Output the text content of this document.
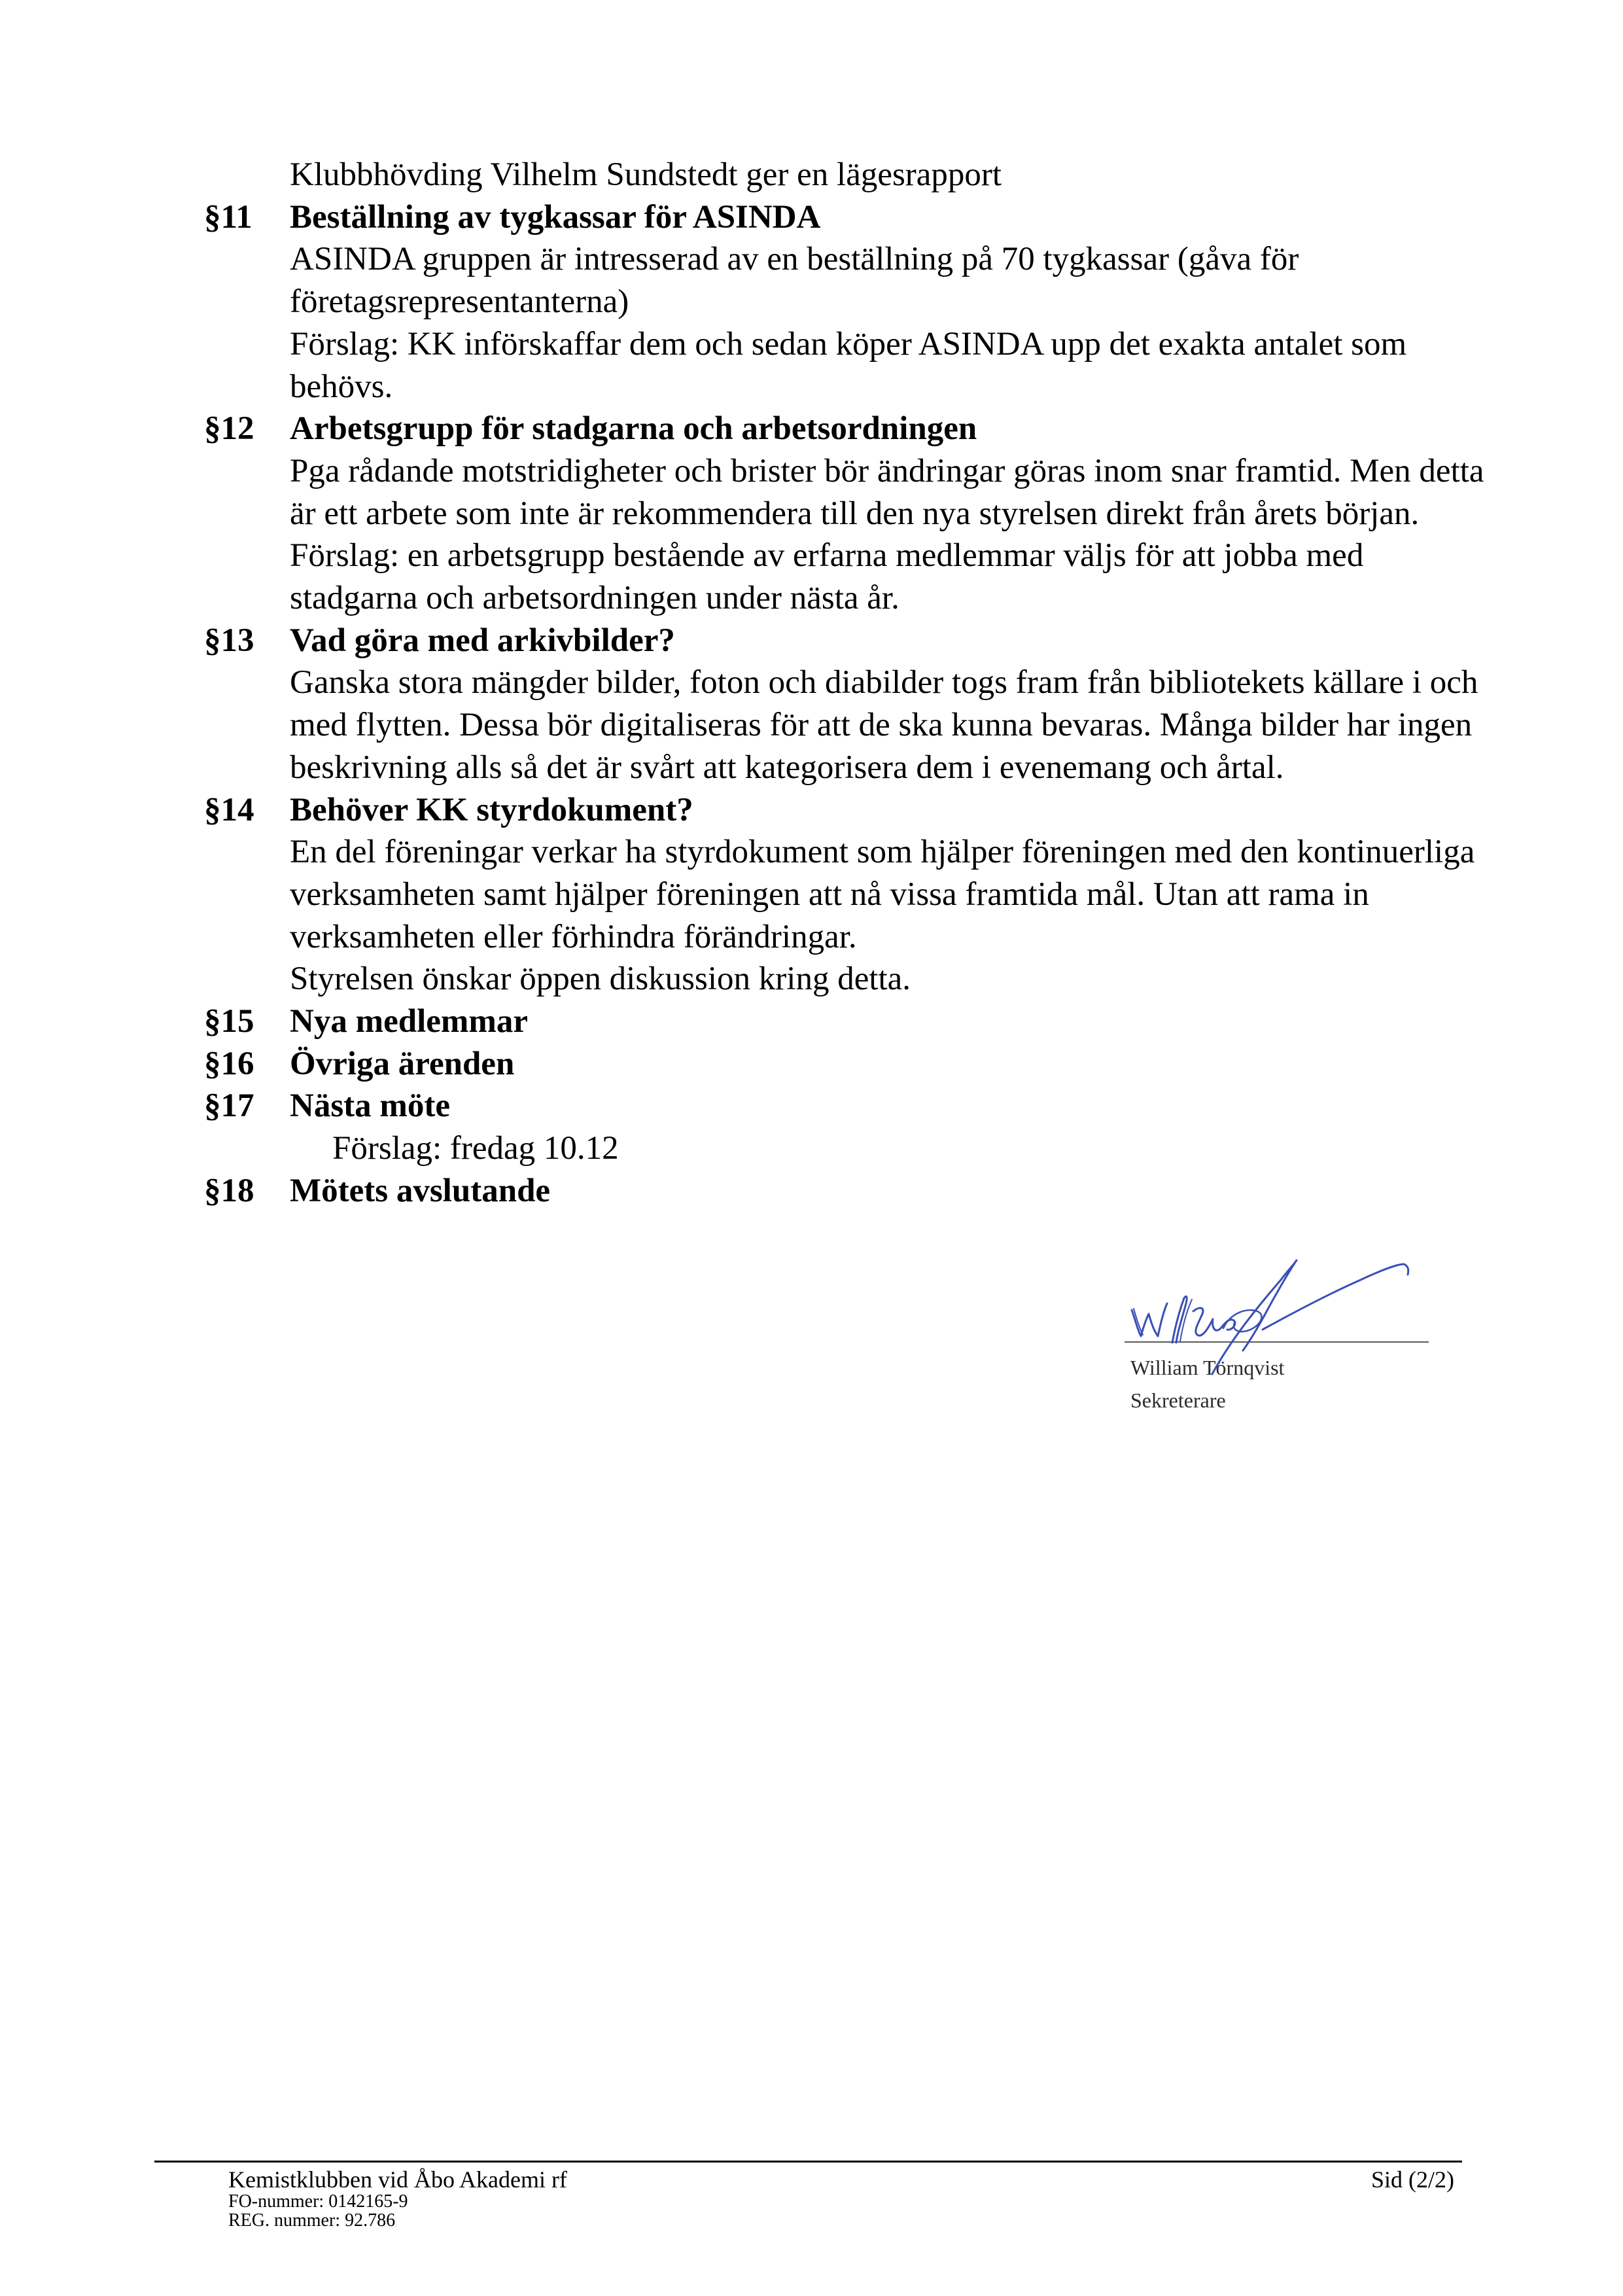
Klubbhövding Vilhelm Sundstedt ger en lägesrapport
§11 Beställning av tygkassar för ASINDA
ASINDA gruppen är intresserad av en beställning på 70 tygkassar (gåva för
företagsrepresentanterna)
Förslag: KK införskaffar dem och sedan köper ASINDA upp det exakta antalet som
behövs.
§12 Arbetsgrupp för stadgarna och arbetsordningen
Pga rådande motstridigheter och brister bör ändringar göras inom snar framtid. Men detta
är ett arbete som inte är rekommendera till den nya styrelsen direkt från årets början.
Förslag: en arbetsgrupp bestående av erfarna medlemmar väljs för att jobba med
stadgarna och arbetsordningen under nästa år.
§13 Vad göra med arkivbilder?
Ganska stora mängder bilder, foton och diabilder togs fram från bibliotekets källare i och
med flytten. Dessa bör digitaliseras för att de ska kunna bevaras. Många bilder har ingen
beskrivning alls så det är svårt att kategorisera dem i evenemang och årtal.
§14 Behöver KK styrdokument?
En del föreningar verkar ha styrdokument som hjälper föreningen med den kontinuerliga
verksamheten samt hjälper föreningen att nå vissa framtida mål. Utan att rama in
verksamheten eller förhindra förändringar.
Styrelsen önskar öppen diskussion kring detta.
§15 Nya medlemmar
§16 Övriga ärenden
§17 Nästa möte
Förslag: fredag 10.12
§18 Mötets avslutande
William Törnqvist
Sekreterare
Kemistklubben vid Åbo Akademi rf
FO-nummer: 0142165-9
REG. nummer: 92.786
Sid (2/2)
